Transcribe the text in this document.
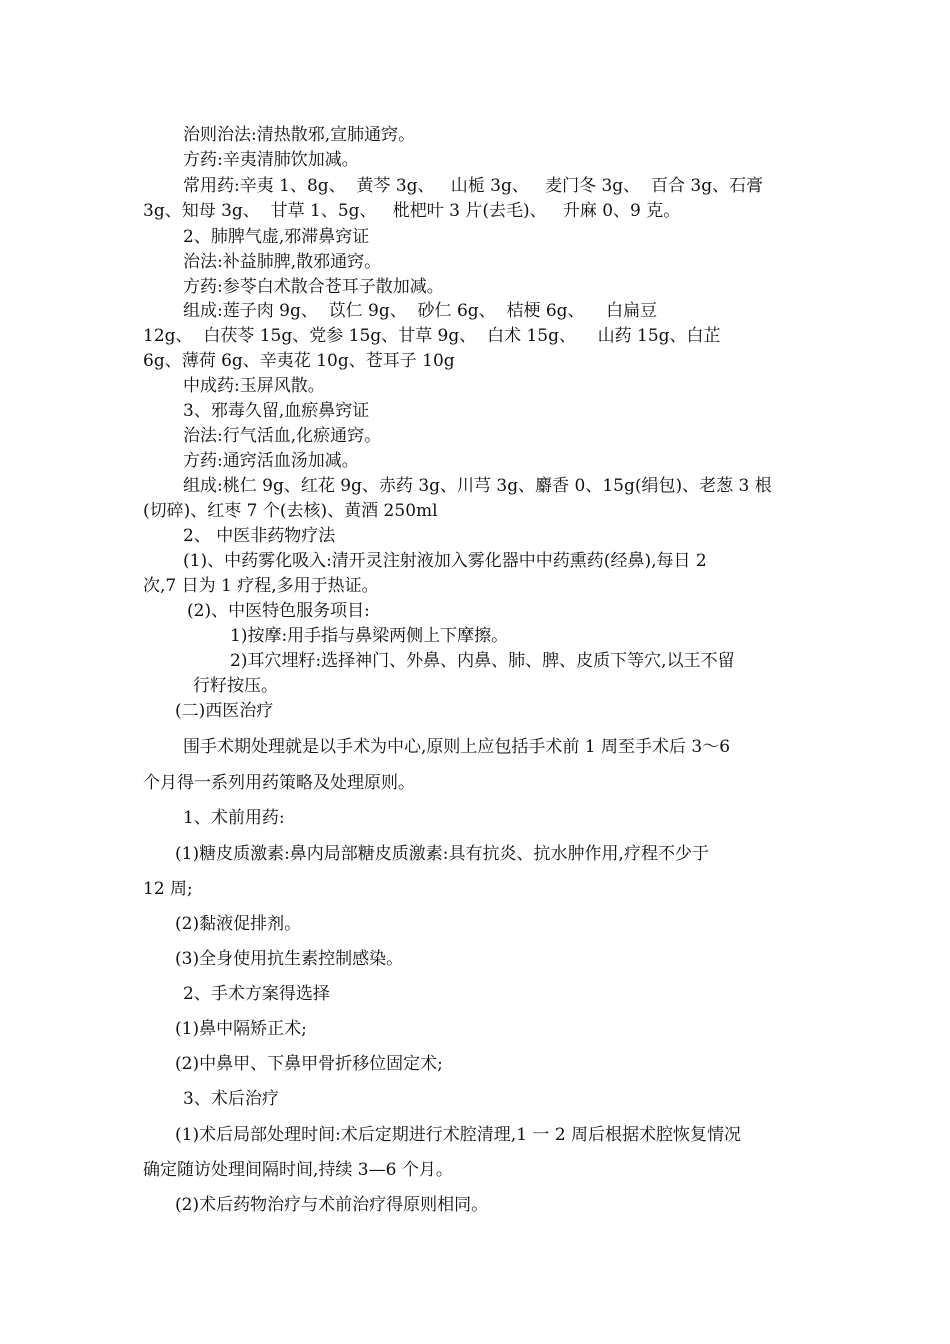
治则治法:清热散邪,宣肺通窍。
方药:辛夷清肺饮加减。
常用药:辛夷 1、8g、  黄芩 3g、   山栀 3g、   麦门冬 3g、  百合 3g、石膏
3g、知母 3g、  甘草 1、5g、   枇杷叶 3 片(去毛)、   升麻 0、9 克。
2、肺脾气虚,邪滞鼻窍证
治法:补益肺脾,散邪通窍。
方药:参苓白术散合苍耳子散加减。
组成:莲子肉 9g、  苡仁 9g、  砂仁 6g、  桔梗 6g、    白扁豆
12g、  白茯苓 15g、党参 15g、甘草 9g、  白术 15g、    山药 15g、白芷
6g、薄荷 6g、辛夷花 10g、苍耳子 10g
中成药:玉屏风散。
3、邪毒久留,血瘀鼻窍证
治法:行气活血,化瘀通窍。
方药:通窍活血汤加减。
组成:桃仁 9g、红花 9g、赤药 3g、川芎 3g、麝香 0、15g(绢包)、老葱 3 根
(切碎)、红枣 7 个(去核)、黄酒 250ml
2、 中医非药物疗法
(1)、中药雾化吸入:清开灵注射液加入雾化器中中药熏药(经鼻),每日 2
次,7 日为 1 疗程,多用于热证。
(2)、中医特色服务项目:
1)按摩:用手指与鼻梁两侧上下摩擦。
2)耳穴埋籽:选择神门、外鼻、内鼻、肺、脾、皮质下等穴,以王不留
行籽按压。
(二)西医治疗
围手术期处理就是以手术为中心,原则上应包括手术前 1 周至手术后 3～6
个月得一系列用药策略及处理原则。
1、术前用药:
(1)糖皮质激素:鼻内局部糖皮质激素:具有抗炎、抗水肿作用,疗程不少于
12 周;
(2)黏液促排剂。
(3)全身使用抗生素控制感染。
2、手术方案得选择
(1)鼻中隔矫正术;
(2)中鼻甲、下鼻甲骨折移位固定术;
3、术后治疗
(1)术后局部处理时间:术后定期进行术腔清理,1 一 2 周后根据术腔恢复情况
确定随访处理间隔时间,持续 3—6 个月。
(2)术后药物治疗与术前治疗得原则相同。
